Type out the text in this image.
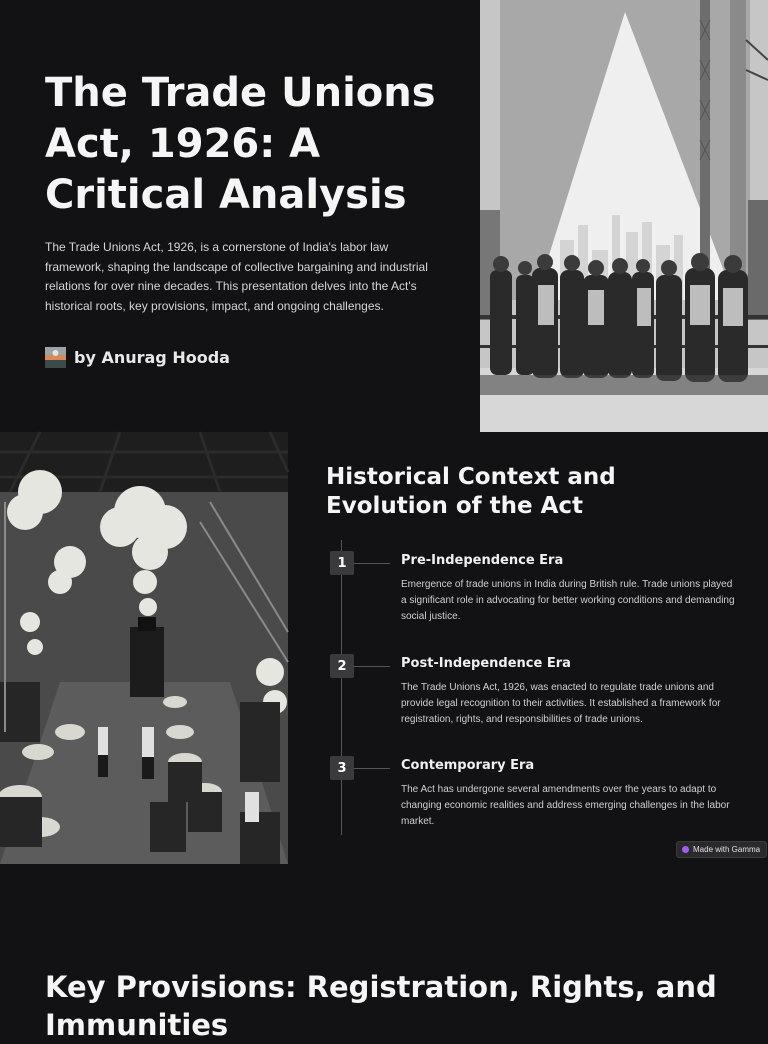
The Trade Unions Act, 1926: A Critical Analysis

The Trade Unions Act, 1926, is a cornerstone of India's labor law framework, shaping the landscape of collective bargaining and industrial relations for over nine decades. This presentation delves into the Act's historical roots, key provisions, impact, and ongoing challenges.

by Anurag Hooda
Historical Context and Evolution of the Act
1	Pre-Independence Era
Emergence of trade unions in India during British rule. Trade unions played a significant role in advocating for better working conditions and demanding social justice.
2	Post-Independence Era
The Trade Unions Act, 1926, was enacted to regulate trade unions and provide legal recognition to their activities. It established a framework for registration, rights, and responsibilities of trade unions.
3	Contemporary Era
The Act has undergone several amendments over the years to adapt to changing economic realities and address emerging challenges in the labor market.
Made with Gamma
Key Provisions: Registration, Rights, and Immunities
